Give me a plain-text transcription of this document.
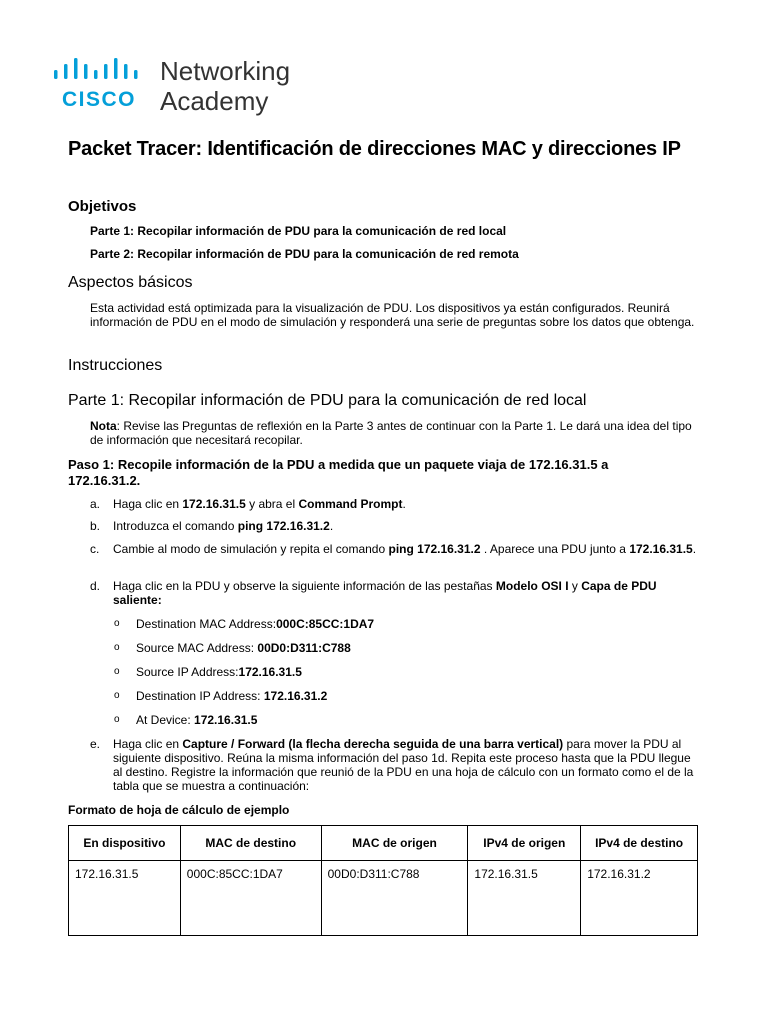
CISCO
Networking
Academy
Packet Tracer: Identificación de direcciones MAC y direcciones IP
Objetivos

Parte 1: Recopilar información de PDU para la comunicación de red local

Parte 2: Recopilar información de PDU para la comunicación de red remota

Aspectos básicos

Esta actividad está optimizada para la visualización de PDU. Los dispositivos ya están configurados. Reunirá información de PDU en el modo de simulación y responderá una serie de preguntas sobre los datos que obtenga.

Instrucciones
Parte 1: Recopilar información de PDU para la comunicación de red local

Nota: Revise las Preguntas de reflexión en la Parte 3 antes de continuar con la Parte 1. Le dará una idea del tipo de información que necesitará recopilar.

Paso 1: Recopile información de la PDU a medida que un paquete viaja de 172.16.31.5 a 172.16.31.2.

a.	Haga clic en 172.16.31.5 y abra el Command Prompt.
b.	Introduzca el comando ping 172.16.31.2.
c.	Cambie al modo de simulación y repita el comando ping 172.16.31.2 . Aparece una PDU junto a 172.16.31.5.
d.	Haga clic en la PDU y observe la siguiente información de las pestañas Modelo OSI I y Capa de PDU saliente:
o Destination MAC Address:000C:85CC:1DA7
o Source MAC Address: 00D0:D311:C788
o Source IP Address:172.16.31.5
o Destination IP Address: 172.16.31.2
o At Device: 172.16.31.5
e.	Haga clic en Capture / Forward (la flecha derecha seguida de una barra vertical) para mover la PDU al siguiente dispositivo. Reúna la misma información del paso 1d. Repita este proceso hasta que la PDU llegue al destino. Registre la información que reunió de la PDU en una hoja de cálculo con un formato como el de la tabla que se muestra a continuación:

Formato de hoja de cálculo de ejemplo

En dispositivo	MAC de destino	MAC de origen	IPv4 de origen	IPv4 de destino
172.16.31.5	000C:85CC:1DA7	00D0:D311:C788	172.16.31.5	172.16.31.2
